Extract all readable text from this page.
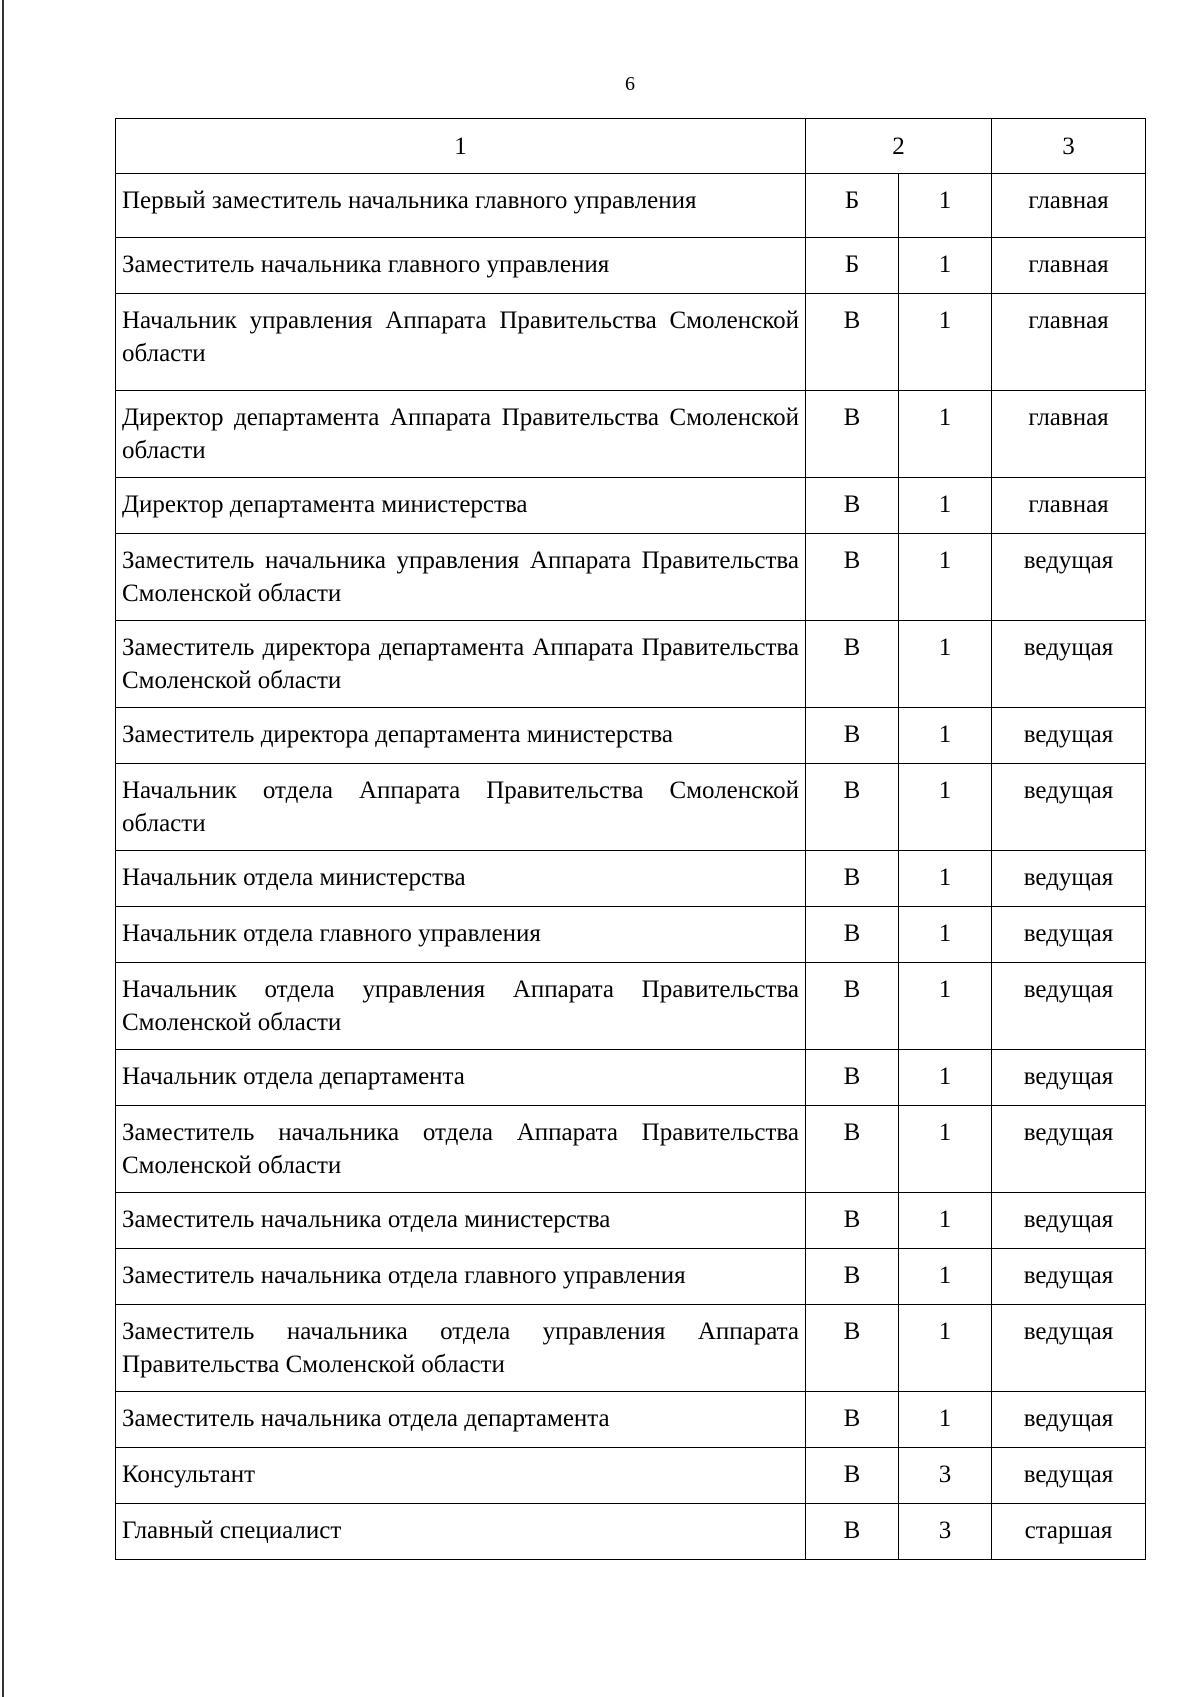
6
1	2		3
Первый заместитель начальника главного управления	Б	1	главная
Заместитель начальника главного управления	Б	1	главная
Начальник управления Аппарата Правительства Смоленской области	В	1	главная
Директор департамента Аппарата Правительства Смоленской области	В	1	главная
Директор департамента министерства	В	1	главная
Заместитель начальника управления Аппарата Правительства Смоленской области	В	1	ведущая
Заместитель директора департамента Аппарата Правительства Смоленской области	В	1	ведущая
Заместитель директора департамента министерства	В	1	ведущая
Начальник отдела Аппарата Правительства Смоленской области	В	1	ведущая
Начальник отдела министерства	В	1	ведущая
Начальник отдела главного управления	В	1	ведущая
Начальник отдела управления Аппарата Правительства Смоленской области	В	1	ведущая
Начальник отдела департамента	В	1	ведущая
Заместитель начальника отдела Аппарата Правительства Смоленской области	В	1	ведущая
Заместитель начальника отдела министерства	В	1	ведущая
Заместитель начальника отдела главного управления	В	1	ведущая
Заместитель начальника отдела управления Аппарата Правительства Смоленской области	В	1	ведущая
Заместитель начальника отдела департамента	В	1	ведущая
Консультант	В	3	ведущая
Главный специалист	В	3	старшая
